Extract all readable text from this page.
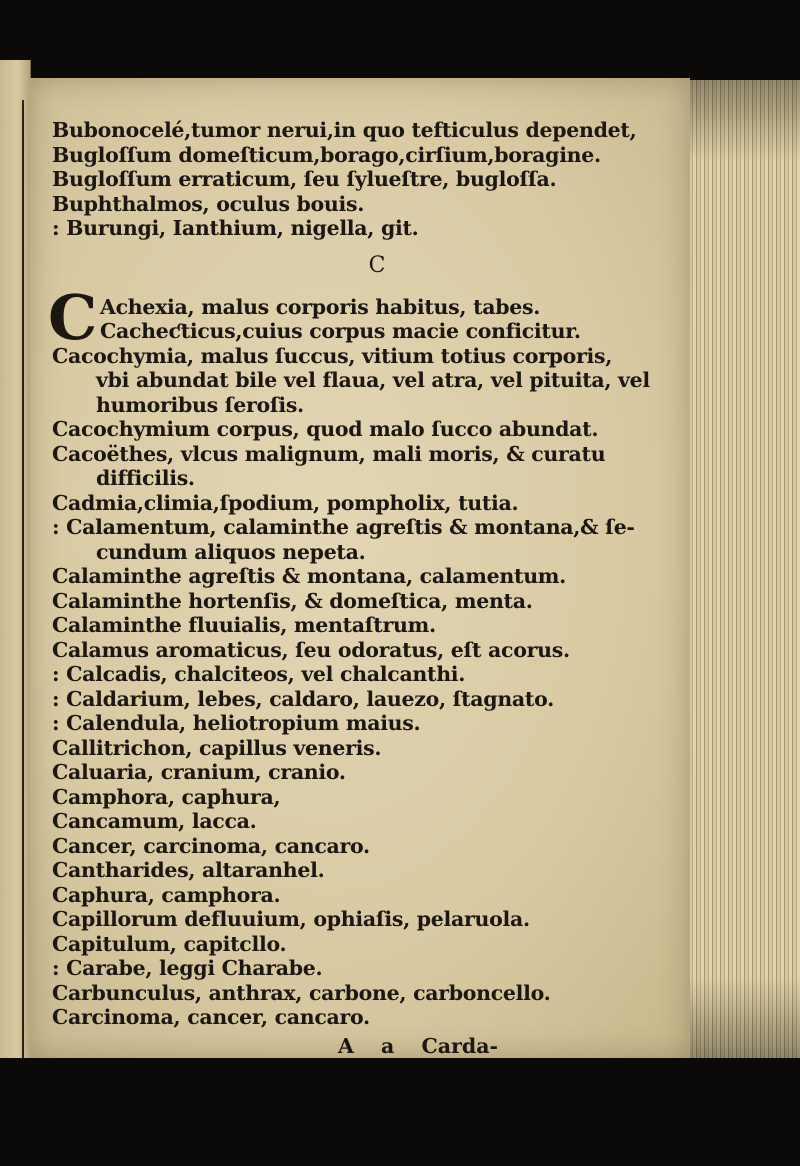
Bubonocelé,tumor nerui,in quo tefticulus dependet,
Bugloſſum domeſticum,borago,cirſium,boragine.
Bugloſſum erraticum, ſeu ſylueſtre, bugloſſa.
Buphthalmos, oculus bouis.
: Burungi, Ianthium, nigella, git.
C
C Achexia, malus corporis habitus, tabes.
Cacheƈticus,cuius corpus macie conficitur.
Cacochymia, malus ſuccus, vitium totius corporis,
vbi abundat bile vel flaua, vel atra, vel pituita, vel
humoribus ſeroſis.
Cacochymium corpus, quod malo ſucco abundat.
Cacoëthes, vlcus malignum, mali moris, & curatu
difficilis.
Cadmia,climia,ſpodium, pompholix, tutia.
: Calamentum, calaminthe agreſtis & montana,& ſe-
cundum aliquos nepeta.
Calaminthe agreſtis & montana, calamentum.
Calaminthe hortenſis, & domeſtica, menta.
Calaminthe fluuialis, mentaſtrum.
Calamus aromaticus, ſeu odoratus, eſt acorus.
: Calcadis, chalciteos, vel chalcanthi.
: Caldarium, lebes, caldaro, lauezo, ſtagnato.
: Calendula, heliotropium maius.
Callitrichon, capillus veneris.
Caluaria, cranium, cranio.
Camphora, caphura,
Cancamum, lacca.
Cancer, carcinoma, cancaro.
Cantharides, altaranhel.
Caphura, camphora.
Capillorum defluuium, ophiaſis, pelaruola.
Capitulum, capitcllo.
: Carabe, leggi Charabe.
Carbunculus, anthrax, carbone, carboncello.
Carcinoma, cancer, cancaro.
A a Carda-
